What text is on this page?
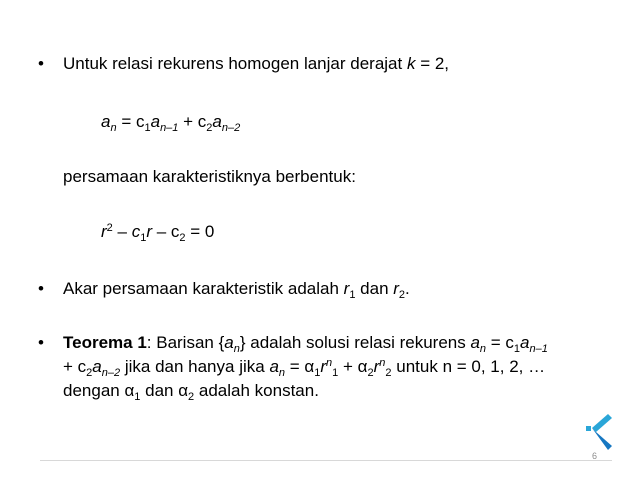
•	Untuk relasi rekurens homogen lanjar derajat k = 2,
$a_n = c_1a_{n-1} + c_2a_{n-2}$
persamaan karakteristiknya berbentuk:
$r^2 - c_1r - c_2 = 0$
•	Akar persamaan karakteristik adalah $r_1$ dan $r_2$.
•	Teorema 1: Barisan $\{a_n\}$ adalah solusi relasi rekurens $a_n = c_1a_{n-1}$
+ $c_2a_{n-2}$ jika dan hanya jika $a_n = \alpha_1r^n_1 + \alpha_2r^n_2$ untuk n = 0, 1, 2, …
dengan $\alpha_1$ dan $\alpha_2$ adalah konstan.
6
